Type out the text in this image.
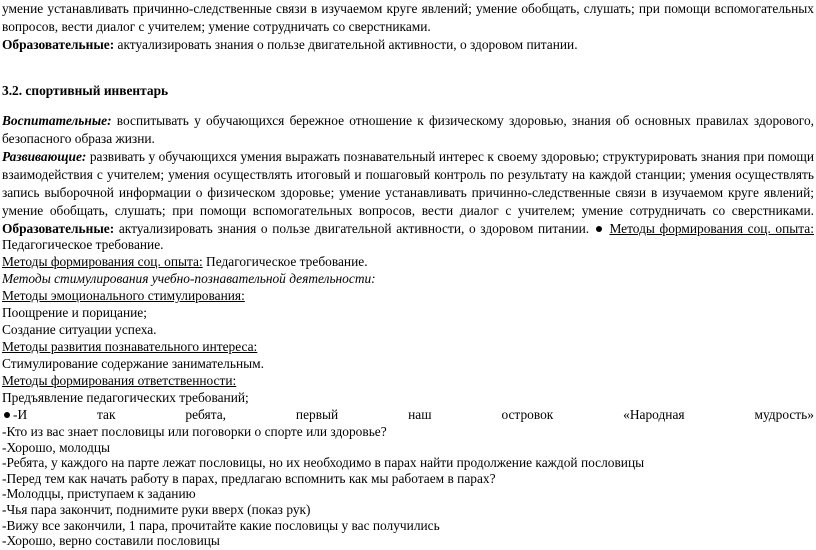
умение устанавливать причинно-следственные связи в изучаемом круге явлений; умение обобщать, слушать; при помощи вспомогательных
вопросов, вести диалог с учителем; умение сотрудничать со сверстниками.
Образовательные: актуализировать знания о пользе двигательной активности, о здоровом питании.
3.2. спортивный инвентарь
Воспитательные: воспитывать у обучающихся бережное отношение к физическому здоровью, знания об основных правилах здорового,
безопасного образа жизни.
Развивающие: развивать у обучающихся умения выражать познавательный интерес к своему здоровью; структурировать знания при помощи
взаимодействия с учителем; умения осуществлять итоговый и пошаговый контроль по результату на каждой станции; умения осуществлять
запись выборочной информации о физическом здоровье; умение устанавливать причинно-следственные связи в изучаемом круге явлений;
умение обобщать, слушать; при помощи вспомогательных вопросов, вести диалог с учителем; умение сотрудничать со сверстниками.
Образовательные: актуализировать знания о пользе двигательной активности, о здоровом питании.  Методы формирования соц. опыта:
Педагогическое требование.
Методы формирования соц. опыта: Педагогическое требование.
Методы стимулирования учебно-познавательной деятельности:
Методы эмоционального стимулирования:
Поощрение и порицание;
Создание ситуации успеха.
Методы развития познавательного интереса:
Стимулирование содержание занимательным.
Методы формирования ответственности:
Предъявление педагогических требований;
-И	так	ребята,	первый	наш	островок	«Народная	мудрость»
-Кто из вас знает пословицы или поговорки о спорте или здоровье?
-Хорошо, молодцы
-Ребята, у каждого на парте лежат пословицы, но их необходимо в парах найти продолжение каждой пословицы
-Перед тем как начать работу в парах, предлагаю вспомнить как мы работаем в парах?
-Молодцы, приступаем к заданию
-Чья пара закончит, поднимите руки вверх (показ рук)
-Вижу все закончили, 1 пара, прочитайте какие пословицы у вас получились
-Хорошо, верно составили пословицы
